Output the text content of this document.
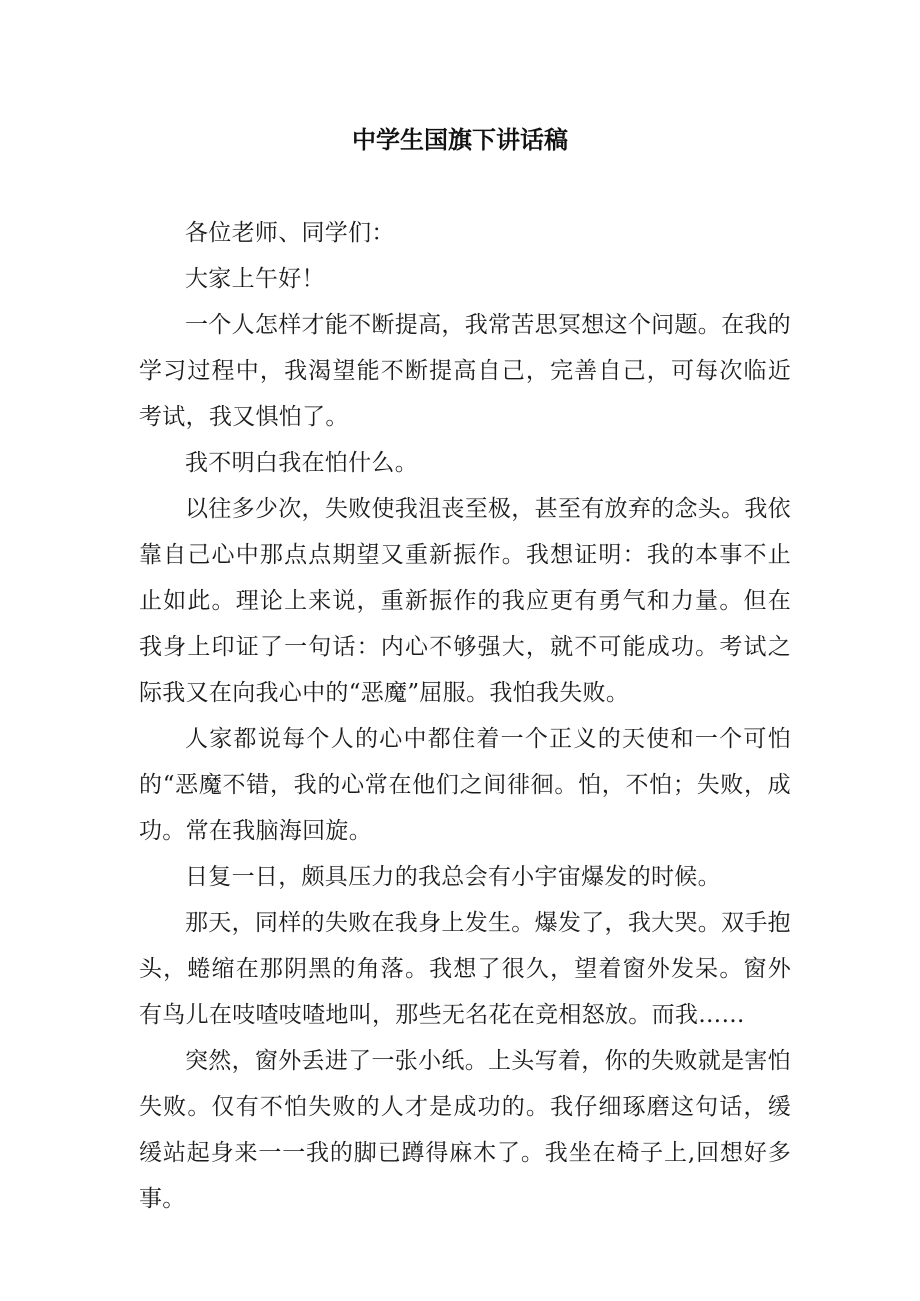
中学生国旗下讲话稿

各位老师、同学们：

大家上午好！

一个人怎样才能不断提高，我常苦思冥想这个问题。在我的学习过程中，我渴望能不断提高自己，完善自己，可每次临近考试，我又惧怕了。

我不明白我在怕什么。

以往多少次，失败使我沮丧至极，甚至有放弃的念头。我依靠自己心中那点点期望又重新振作。我想证明：我的本事不止止如此。理论上来说，重新振作的我应更有勇气和力量。但在我身上印证了一句话：内心不够强大，就不可能成功。考试之际我又在向我心中的“恶魔”屈服。我怕我失败。

人家都说每个人的心中都住着一个正义的天使和一个可怕的“恶魔不错，我的心常在他们之间徘徊。怕，不怕；失败，成功。常在我脑海回旋。

日复一日，颇具压力的我总会有小宇宙爆发的时候。

那天，同样的失败在我身上发生。爆发了，我大哭。双手抱头，蜷缩在那阴黑的角落。我想了很久，望着窗外发呆。窗外有鸟儿在吱喳吱喳地叫，那些无名花在竞相怒放。而我……

突然，窗外丢进了一张小纸。上头写着，你的失败就是害怕失败。仅有不怕失败的人才是成功的。我仔细琢磨这句话，缓缓站起身来一一我的脚已蹲得麻木了。我坐在椅子上,回想好多事。
